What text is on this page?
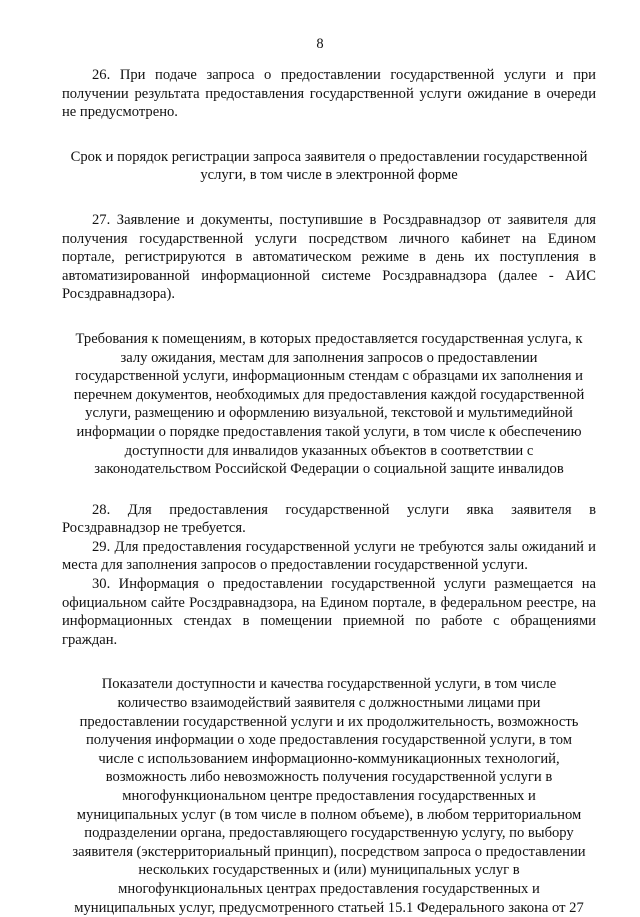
8

26. При подаче запроса о предоставлении государственной услуги и при получении результата предоставления государственной услуги ожидание в очереди не предусмотрено.

Срок и порядок регистрации запроса заявителя о предоставлении государственной услуги, в том числе в электронной форме

27. Заявление и документы, поступившие в Росздравнадзор от заявителя для получения государственной услуги посредством личного кабинет на Едином портале, регистрируются в автоматическом режиме в день их поступления в автоматизированной информационной системе Росздравнадзора (далее - АИС Росздравнадзора).

Требования к помещениям, в которых предоставляется государственная услуга, к залу ожидания, местам для заполнения запросов о предоставлении государственной услуги, информационным стендам с образцами их заполнения и перечнем документов, необходимых для предоставления каждой государственной услуги, размещению и оформлению визуальной, текстовой и мультимедийной информации о порядке предоставления такой услуги, в том числе к обеспечению доступности для инвалидов указанных объектов в соответствии с законодательством Российской Федерации о социальной защите инвалидов

28. Для предоставления государственной услуги явка заявителя в Росздравнадзор не требуется.

29. Для предоставления государственной услуги не требуются залы ожиданий и места для заполнения запросов о предоставлении государственной услуги.

30. Информация о предоставлении государственной услуги размещается на официальном сайте Росздравнадзора, на Едином портале, в федеральном реестре, на информационных стендах в помещении приемной по работе с обращениями граждан.

Показатели доступности и качества государственной услуги, в том числе количество взаимодействий заявителя с должностными лицами при предоставлении государственной услуги и их продолжительность, возможность получения информации о ходе предоставления государственной услуги, в том числе с использованием информационно-коммуникационных технологий, возможность либо невозможность получения государственной услуги в многофункциональном центре предоставления государственных и муниципальных услуг (в том числе в полном объеме), в любом территориальном подразделении органа, предоставляющего государственную услугу, по выбору заявителя (экстерриториальный принцип), посредством запроса о предоставлении нескольких государственных и (или) муниципальных услуг в многофункциональных центрах предоставления государственных и муниципальных услуг, предусмотренного статьей 15.1 Федерального закона от 27
